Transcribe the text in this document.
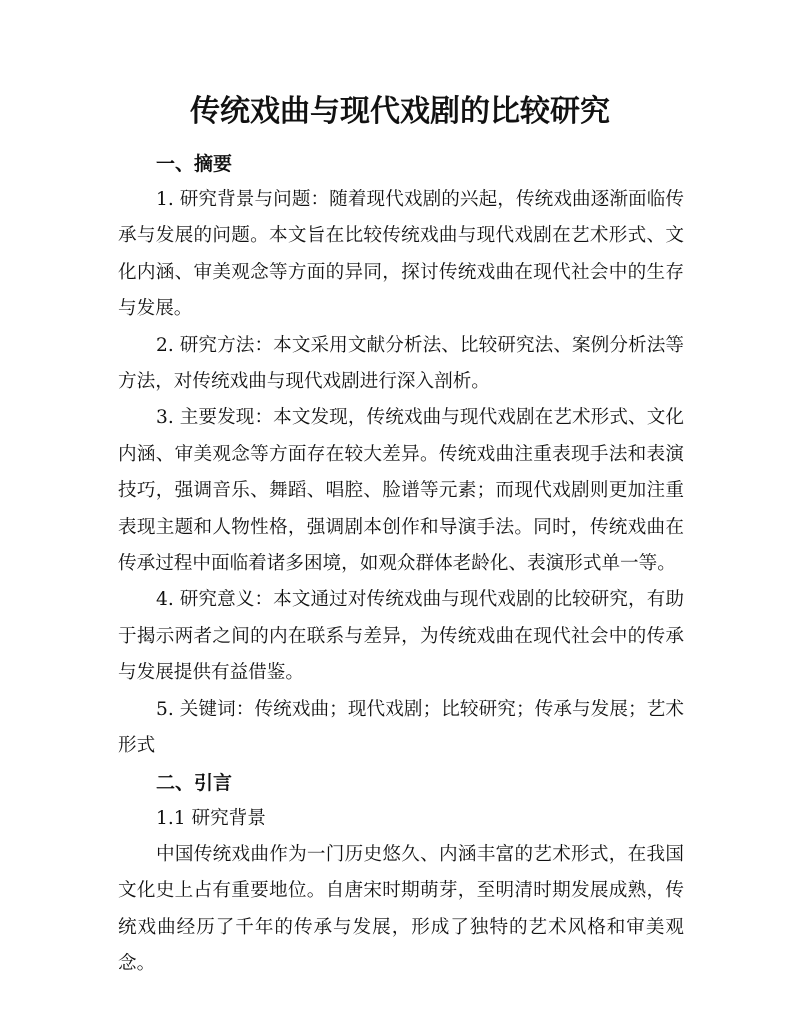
传统戏曲与现代戏剧的比较研究

一、摘要

1. 研究背景与问题：随着现代戏剧的兴起，传统戏曲逐渐面临传承与发展的问题。本文旨在比较传统戏曲与现代戏剧在艺术形式、文化内涵、审美观念等方面的异同，探讨传统戏曲在现代社会中的生存与发展。

2. 研究方法：本文采用文献分析法、比较研究法、案例分析法等方法，对传统戏曲与现代戏剧进行深入剖析。

3. 主要发现：本文发现，传统戏曲与现代戏剧在艺术形式、文化内涵、审美观念等方面存在较大差异。传统戏曲注重表现手法和表演技巧，强调音乐、舞蹈、唱腔、脸谱等元素；而现代戏剧则更加注重表现主题和人物性格，强调剧本创作和导演手法。同时，传统戏曲在传承过程中面临着诸多困境，如观众群体老龄化、表演形式单一等。

4. 研究意义：本文通过对传统戏曲与现代戏剧的比较研究，有助于揭示两者之间的内在联系与差异，为传统戏曲在现代社会中的传承与发展提供有益借鉴。

5. 关键词：传统戏曲；现代戏剧；比较研究；传承与发展；艺术形式

二、引言

1.1 研究背景

中国传统戏曲作为一门历史悠久、内涵丰富的艺术形式，在我国文化史上占有重要地位。自唐宋时期萌芽，至明清时期发展成熟，传统戏曲经历了千年的传承与发展，形成了独特的艺术风格和审美观念。
